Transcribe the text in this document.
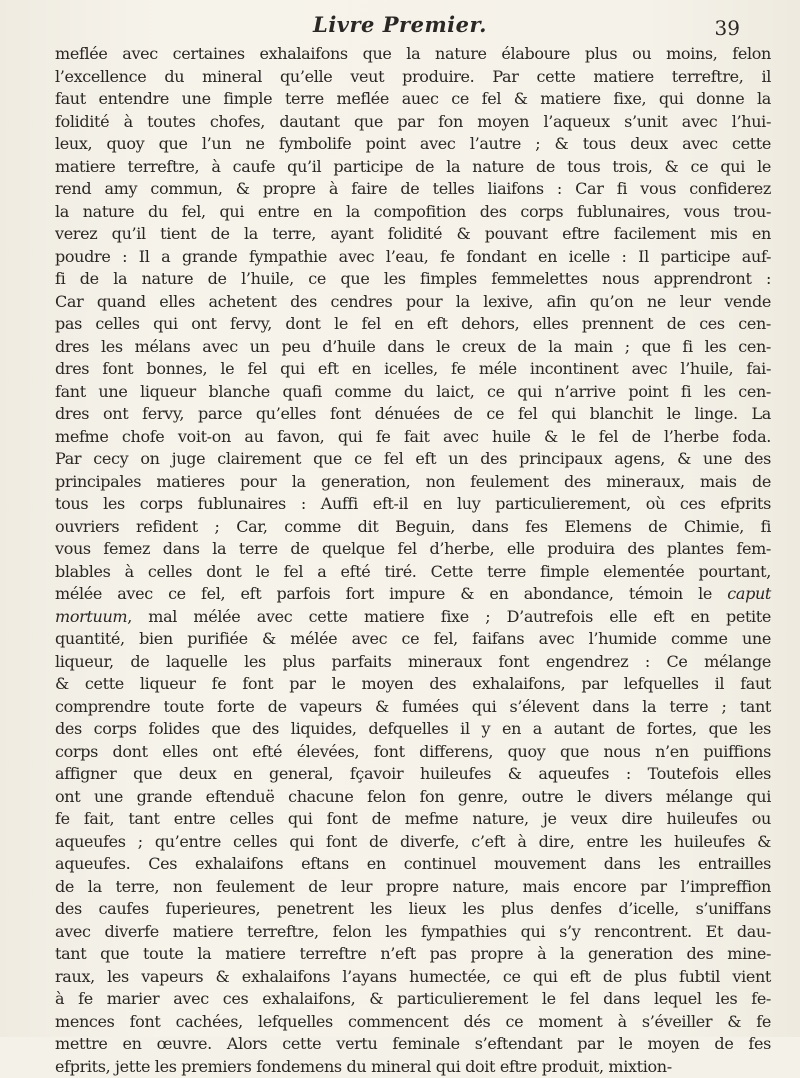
Livre Premier.	39
meflée avec certaines exhalaifons que la nature élaboure plus ou moins, felon
l’excellence du mineral qu’elle veut produire. Par cette matiere terreftre, il
faut entendre une fimple terre meflée auec ce fel & matiere fixe, qui donne la
folidité à toutes chofes, dautant que par fon moyen l’aqueux s’unit avec l’hui-
leux, quoy que l’un ne fymbolife point avec l’autre ; & tous deux avec cette
matiere terreftre, à caufe qu’il participe de la nature de tous trois, & ce qui le
rend amy commun, & propre à faire de telles liaifons : Car fi vous confiderez
la nature du fel, qui entre en la compofition des corps fublunaires, vous trou-
verez qu’il tient de la terre, ayant folidité & pouvant eftre facilement mis en
poudre : Il a grande fympathie avec l’eau, fe fondant en icelle : Il participe auf-
fi de la nature de l’huile, ce que les fimples femmelettes nous apprendront :
Car quand elles achetent des cendres pour la lexive, afin qu’on ne leur vende
pas celles qui ont fervy, dont le fel en eft dehors, elles prennent de ces cen-
dres les mélans avec un peu d’huile dans le creux de la main ; que fi les cen-
dres font bonnes, le fel qui eft en icelles, fe méle incontinent avec l’huile, fai-
fant une liqueur blanche quafi comme du laict, ce qui n’arrive point fi les cen-
dres ont fervy, parce qu’elles font dénuées de ce fel qui blanchit le linge. La
mefme chofe voit-on au favon, qui fe fait avec huile & le fel de l’herbe foda.
Par cecy on juge clairement que ce fel eft un des principaux agens, & une des
principales matieres pour la generation, non feulement des mineraux, mais de
tous les corps fublunaires : Auffi eft-il en luy particulierement, où ces efprits
ouvriers refident ; Car, comme dit Beguin, dans fes Elemens de Chimie, fi
vous femez dans la terre de quelque fel d’herbe, elle produira des plantes fem-
blables à celles dont le fel a efté tiré. Cette terre fimple elementée pourtant,
mélée avec ce fel, eft parfois fort impure & en abondance, témoin le caput
mortuum, mal mélée avec cette matiere fixe ; D’autrefois elle eft en petite
quantité, bien purifiée & mélée avec ce fel, faifans avec l’humide comme une
liqueur, de laquelle les plus parfaits mineraux font engendrez : Ce mélange
& cette liqueur fe font par le moyen des exhalaifons, par lefquelles il faut
comprendre toute forte de vapeurs & fumées qui s’élevent dans la terre ; tant
des corps folides que des liquides, defquelles il y en a autant de fortes, que les
corps dont elles ont efté élevées, font differens, quoy que nous n’en puiffions
affigner que deux en general, fçavoir huileufes & aqueufes : Toutefois elles
ont une grande eftenduë chacune felon fon genre, outre le divers mélange qui
fe fait, tant entre celles qui font de mefme nature, je veux dire huileufes ou
aqueufes ; qu’entre celles qui font de diverfe, c’eft à dire, entre les huileufes &
aqueufes. Ces exhalaifons eftans en continuel mouvement dans les entrailles
de la terre, non feulement de leur propre nature, mais encore par l’impreffion
des caufes fuperieures, penetrent les lieux les plus denfes d’icelle, s’uniffans
avec diverfe matiere terreftre, felon les fympathies qui s’y rencontrent. Et dau-
tant que toute la matiere terreftre n’eft pas propre à la generation des mine-
raux, les vapeurs & exhalaifons l’ayans humectée, ce qui eft de plus fubtil vient
à fe marier avec ces exhalaifons, & particulierement le fel dans lequel les fe-
mences font cachées, lefquelles commencent dés ce moment à s’éveiller & fe
mettre en œuvre. Alors cette vertu feminale s’eftendant par le moyen de fes
efprits, jette les premiers fondemens du mineral qui doit eftre produit, mixtion-
